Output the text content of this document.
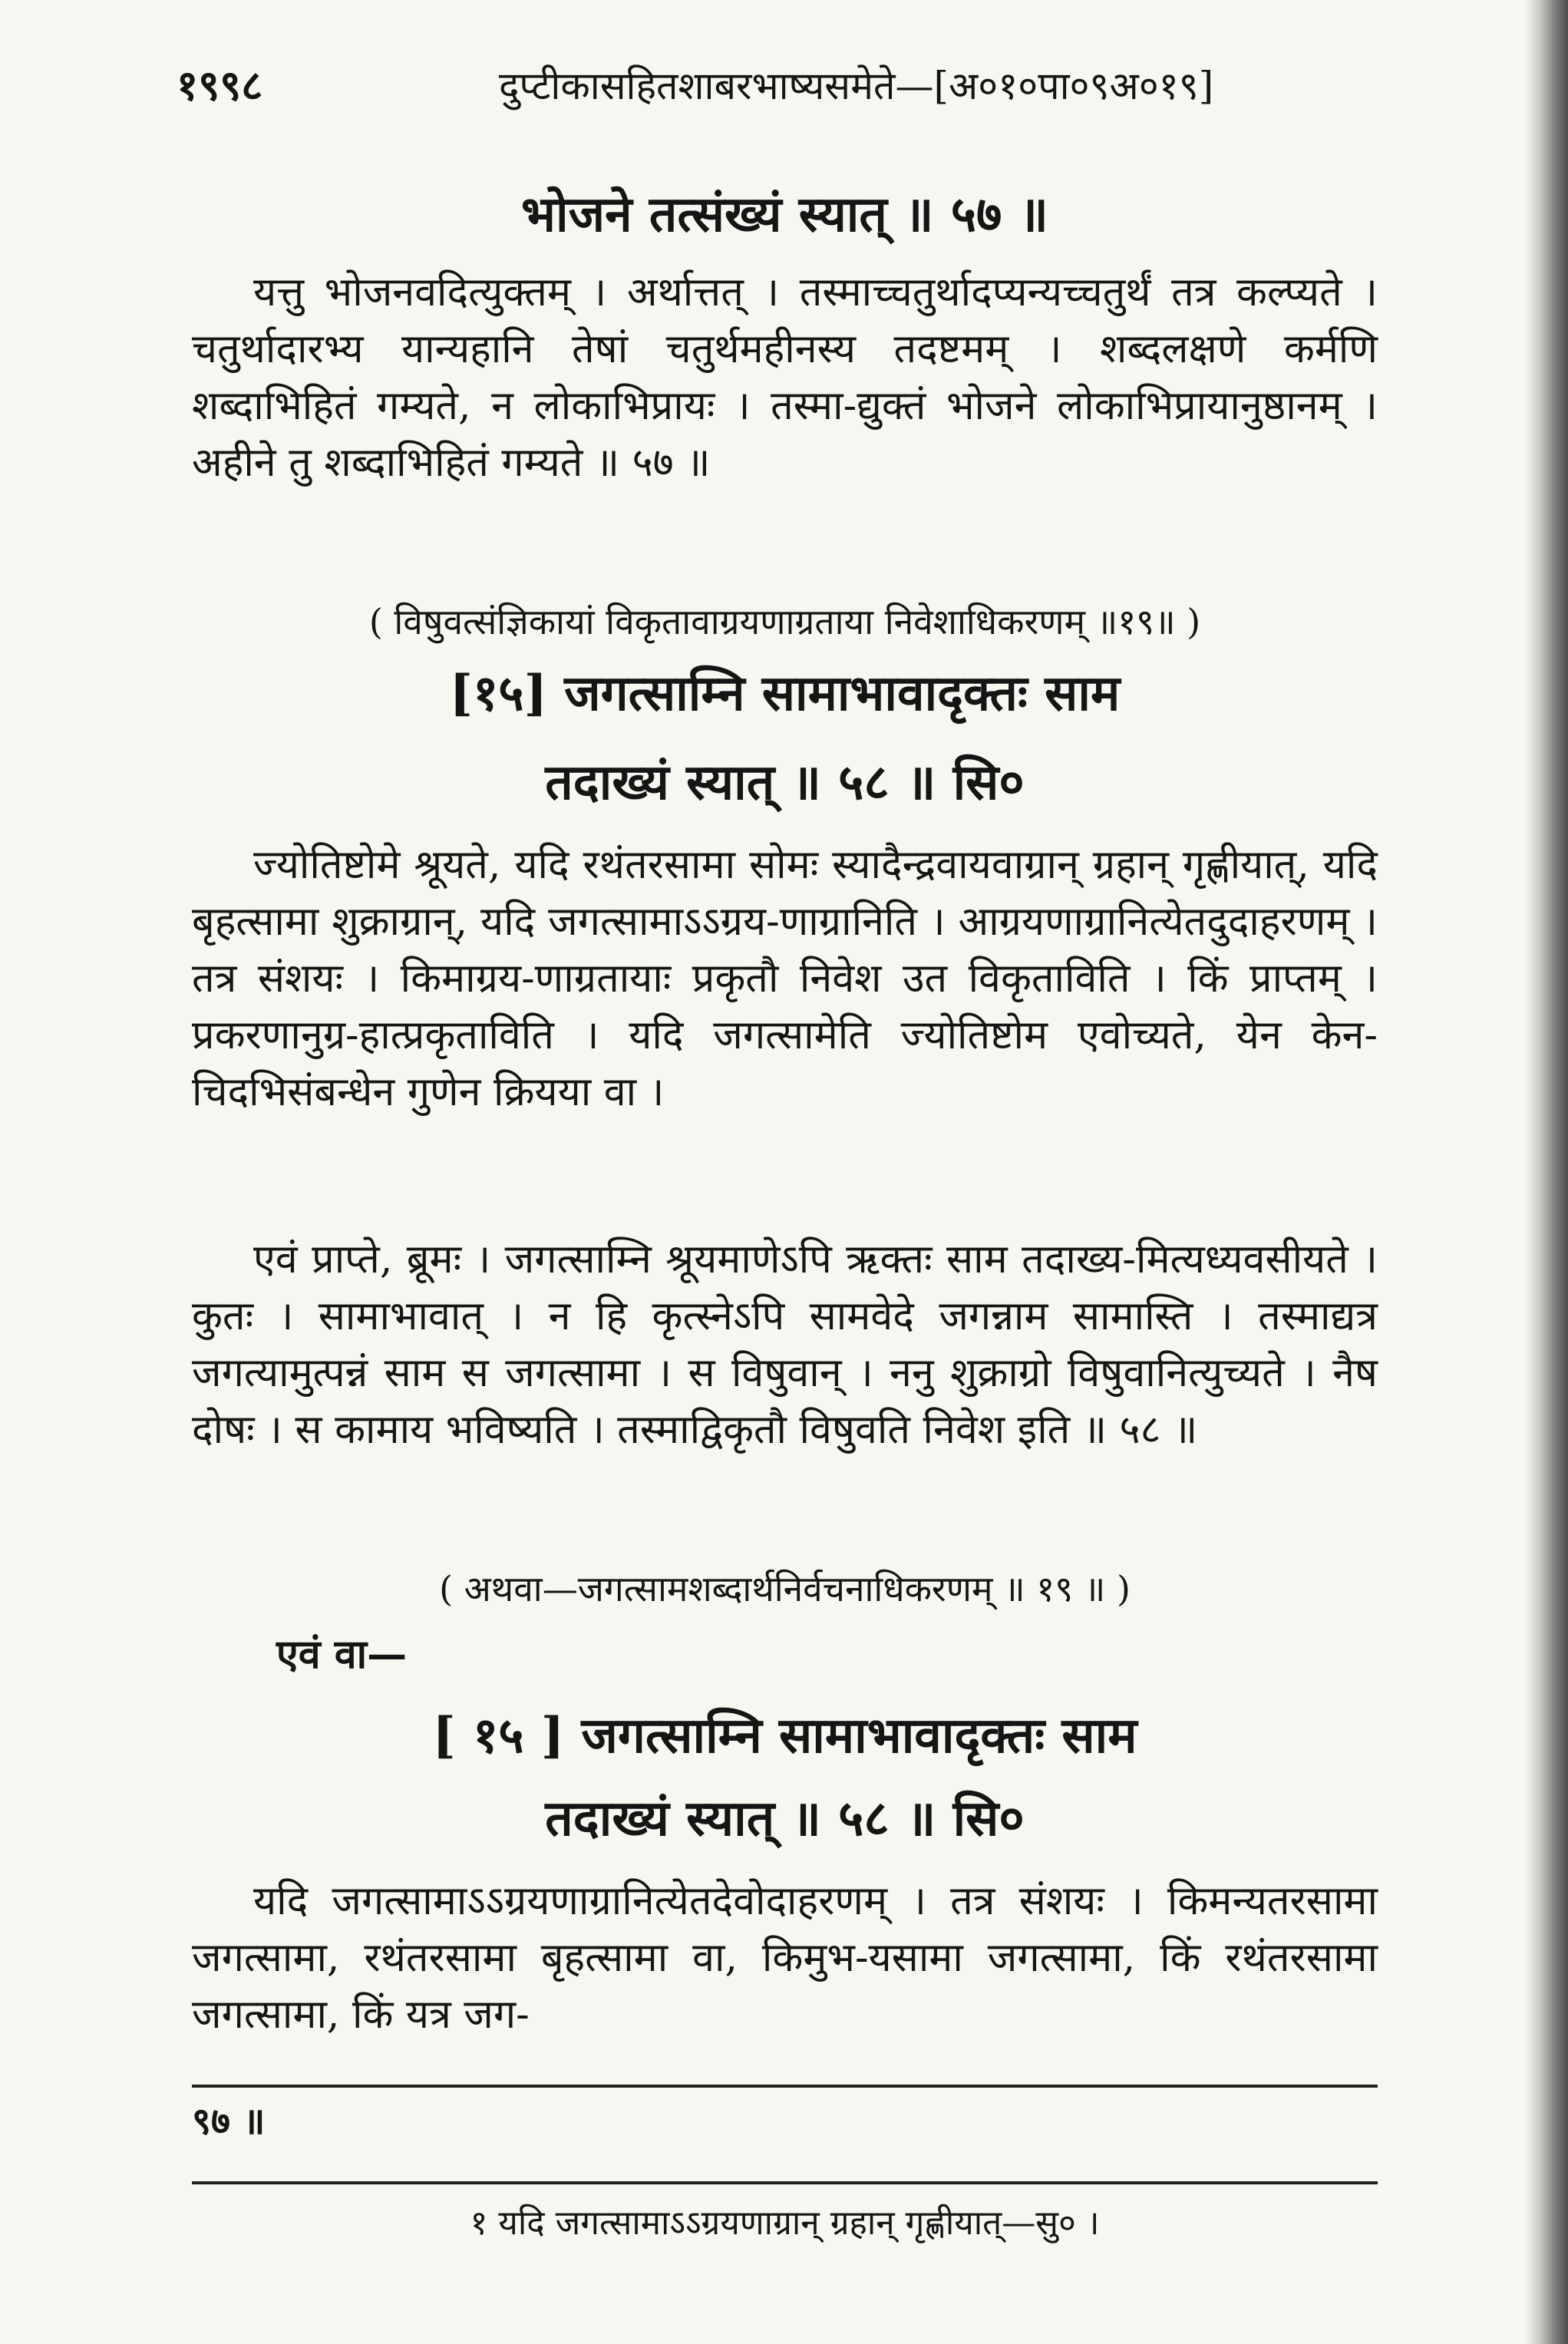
१९९८	दुप्टीकासहितशाबरभाष्यसमेते—[अ०१०पा०९अ०१९]
भोजने तत्संख्यं स्यात् ॥ ५७ ॥
यत्तु भोजनवदित्युक्तम् । अर्थात्तत् । तस्माच्चतुर्थादप्यन्यच्चतुर्थं तत्र कल्प्यते । चतुर्थादारभ्य यान्यहानि तेषां चतुर्थमहीनस्य तदष्टमम् । शब्दलक्षणे कर्मणि शब्दाभिहितं गम्यते, न लोकाभिप्रायः । तस्मा-द्युक्तं भोजने लोकाभिप्रायानुष्ठानम् । अहीने तु शब्दाभिहितं गम्यते ॥ ५७ ॥
( विषुवत्संज्ञिकायां विकृतावाग्रयणाग्रताया निवेशाधिकरणम् ॥१९॥ )
[१५] जगत्साम्नि सामाभावादृक्तः साम
तदाख्यं स्यात् ॥ ५८ ॥ सि०
ज्योतिष्टोमे श्रूयते, यदि रथंतरसामा सोमः स्यादैन्द्रवायवाग्रान् ग्रहान् गृह्णीयात्, यदि बृहत्सामा शुक्राग्रान्, यदि जगत्सामाऽऽग्रय-णाग्रानिति । आग्रयणाग्रानित्येतदुदाहरणम् । तत्र संशयः । किमाग्रय-णाग्रतायाः प्रकृतौ निवेश उत विकृताविति । किं प्राप्तम् । प्रकरणानुग्र-हात्प्रकृताविति । यदि जगत्सामेति ज्योतिष्टोम एवोच्यते, येन केन-चिदभिसंबन्धेन गुणेन क्रियया वा ।
एवं प्राप्ते, ब्रूमः । जगत्साम्नि श्रूयमाणेऽपि ऋक्तः साम तदाख्य-मित्यध्यवसीयते । कुतः । सामाभावात् । न हि कृत्स्नेऽपि सामवेदे जगन्नाम सामास्ति । तस्माद्यत्र जगत्यामुत्पन्नं साम स जगत्सामा । स विषुवान् । ननु शुक्राग्रो विषुवानित्युच्यते । नैष दोषः । स कामाय भविष्यति । तस्माद्विकृतौ विषुवति निवेश इति ॥ ५८ ॥
( अथवा—जगत्सामशब्दार्थनिर्वचनाधिकरणम् ॥ १९ ॥ )
एवं वा—
[ १५ ] जगत्साम्नि सामाभावादृक्तः साम
तदाख्यं स्यात् ॥ ५८ ॥ सि०
यदि जगत्सामाऽऽग्रयणाग्रानित्येतदेवोदाहरणम् । तत्र संशयः । किमन्यतरसामा जगत्सामा, रथंतरसामा बृहत्सामा वा, किमुभ-यसामा जगत्सामा, किं रथंतरसामा जगत्सामा, किं यत्र जग-
९७ ॥
१ यदि जगत्सामाऽऽग्रयणाग्रान् ग्रहान् गृह्णीयात्—सु० ।
